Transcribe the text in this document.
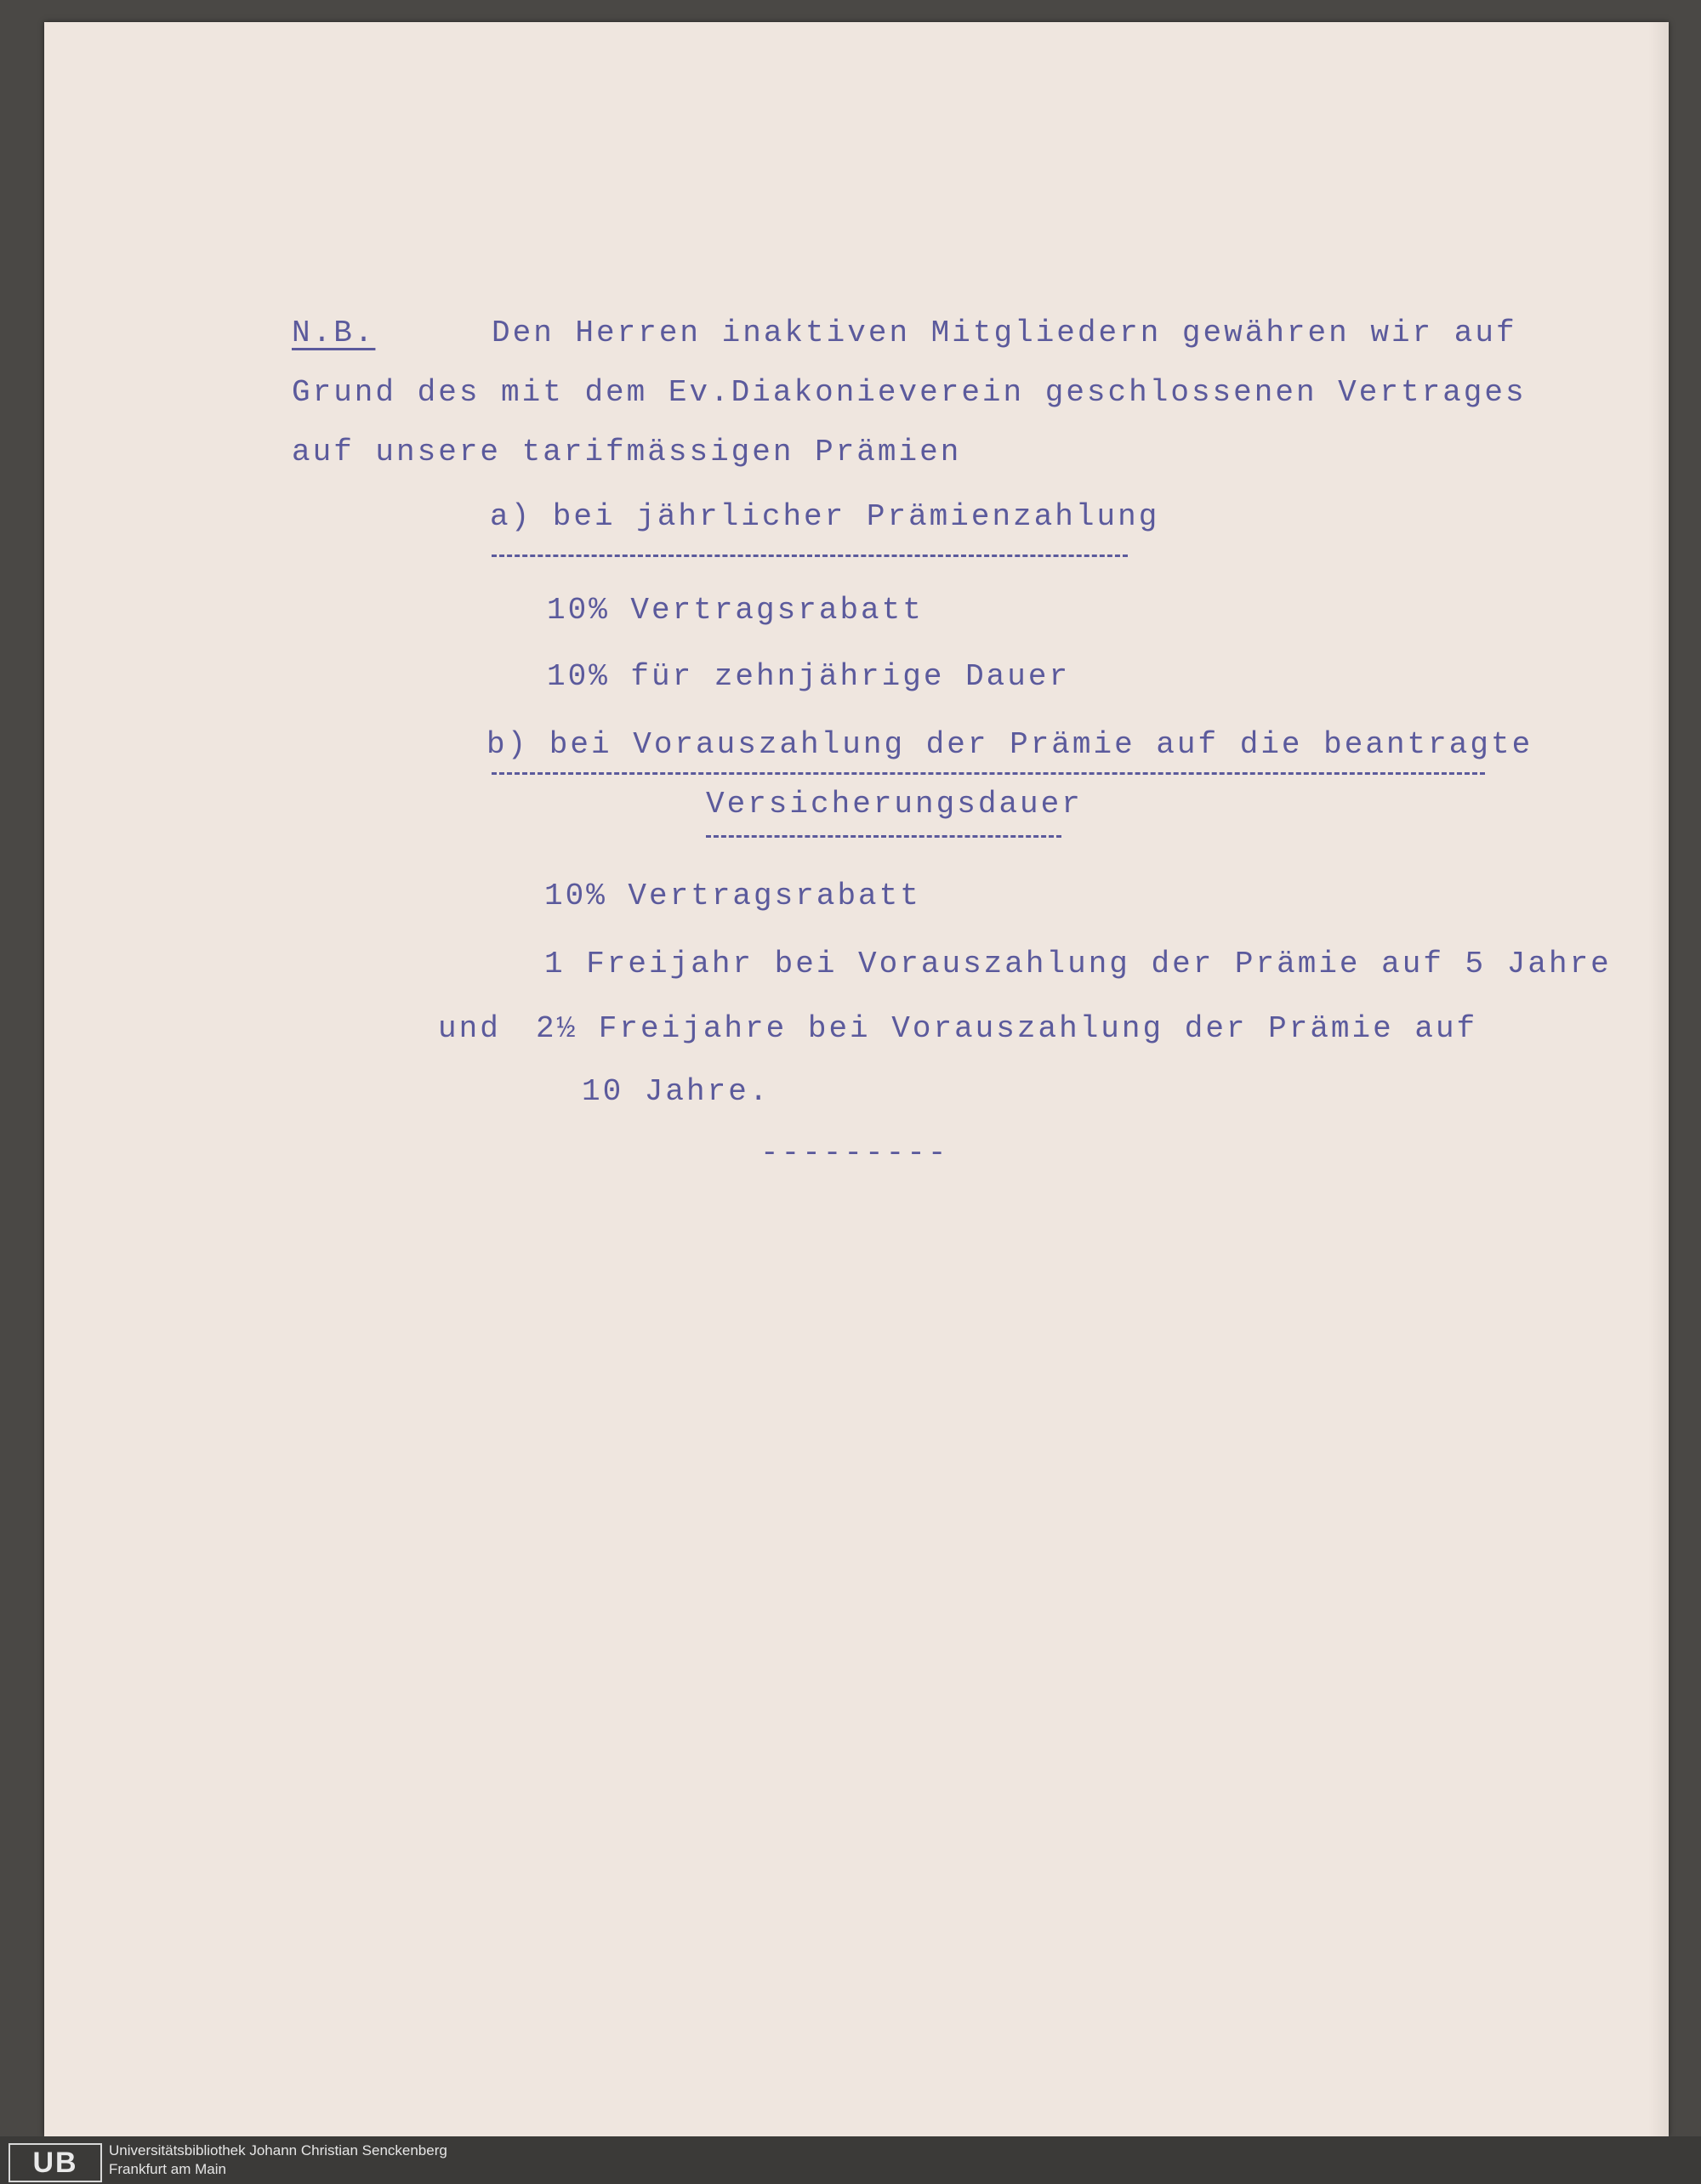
N.B.	Den Herren inaktiven Mitgliedern gewähren wir auf
Grund des mit dem Ev.Diakonieverein geschlossenen Vertrages
auf unsere tarifmässigen Prämien
a) bei jährlicher Prämienzahlung
10% Vertragsrabatt
10% für zehnjährige Dauer
b) bei Vorauszahlung der Prämie auf die beantragte
Versicherungsdauer
10% Vertragsrabatt
1 Freijahr bei Vorauszahlung der Prämie auf 5 Jahre
und 2½ Freijahre bei Vorauszahlung der Prämie auf
10 Jahre.
---------
UB	Universitätsbibliothek Johann Christian Senckenberg
Frankfurt am Main
